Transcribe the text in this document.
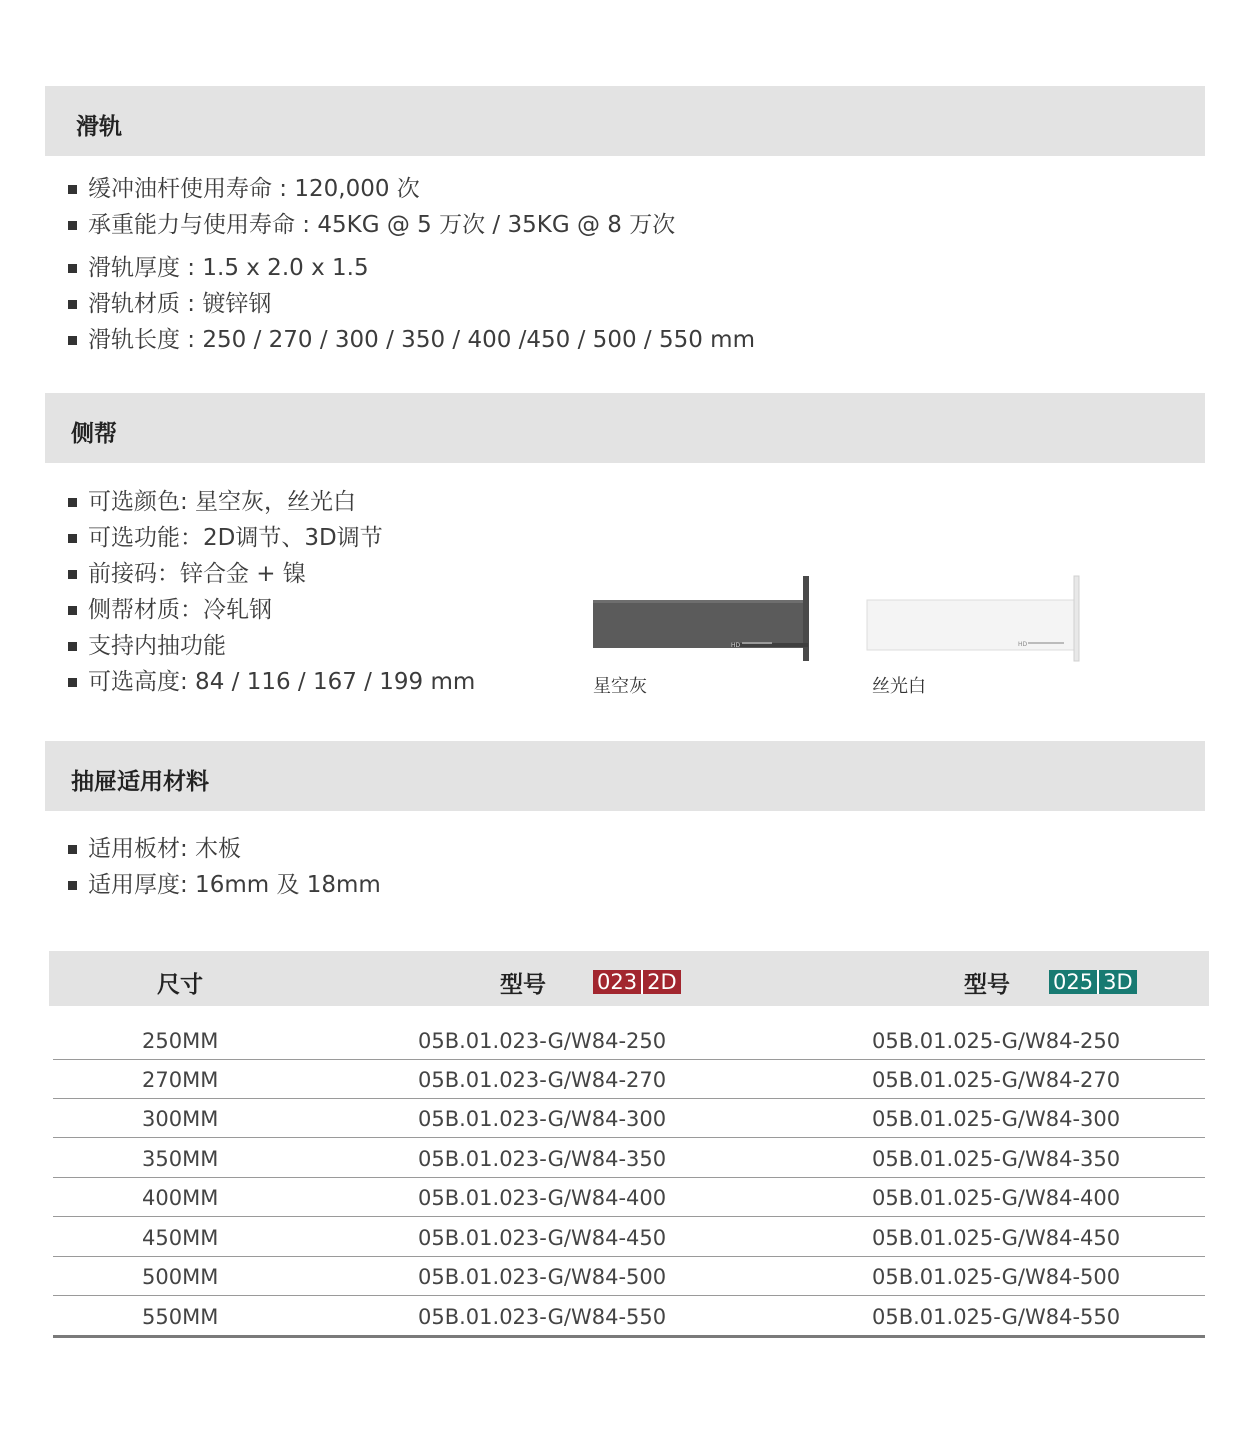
滑轨
缓冲油杆使用寿命 : 120,000 次
承重能力与使用寿命 : 45KG @ 5 万次 / 35KG @ 8 万次
滑轨厚度 : 1.5 x 2.0 x 1.5
滑轨材质 : 镀锌钢
滑轨长度 : 250 / 270 / 300 / 350 / 400 /450 / 500 / 550 mm
侧帮
可选颜色: 星空灰，丝光白
可选功能：2D调节、3D调节
前接码：锌合金 + 镍
侧帮材质：冷轧钢
支持内抽功能
可选高度: 84 / 116 / 167 / 199 mm
HD
星空灰
HD
丝光白
抽屉适用材料
适用板材: 木板
适用厚度: 16mm 及 18mm
尺寸	型号 023 2D	型号 025 3D
250MM	05B.01.023-G/W84-250	05B.01.025-G/W84-250
270MM	05B.01.023-G/W84-270	05B.01.025-G/W84-270
300MM	05B.01.023-G/W84-300	05B.01.025-G/W84-300
350MM	05B.01.023-G/W84-350	05B.01.025-G/W84-350
400MM	05B.01.023-G/W84-400	05B.01.025-G/W84-400
450MM	05B.01.023-G/W84-450	05B.01.025-G/W84-450
500MM	05B.01.023-G/W84-500	05B.01.025-G/W84-500
550MM	05B.01.023-G/W84-550	05B.01.025-G/W84-550
